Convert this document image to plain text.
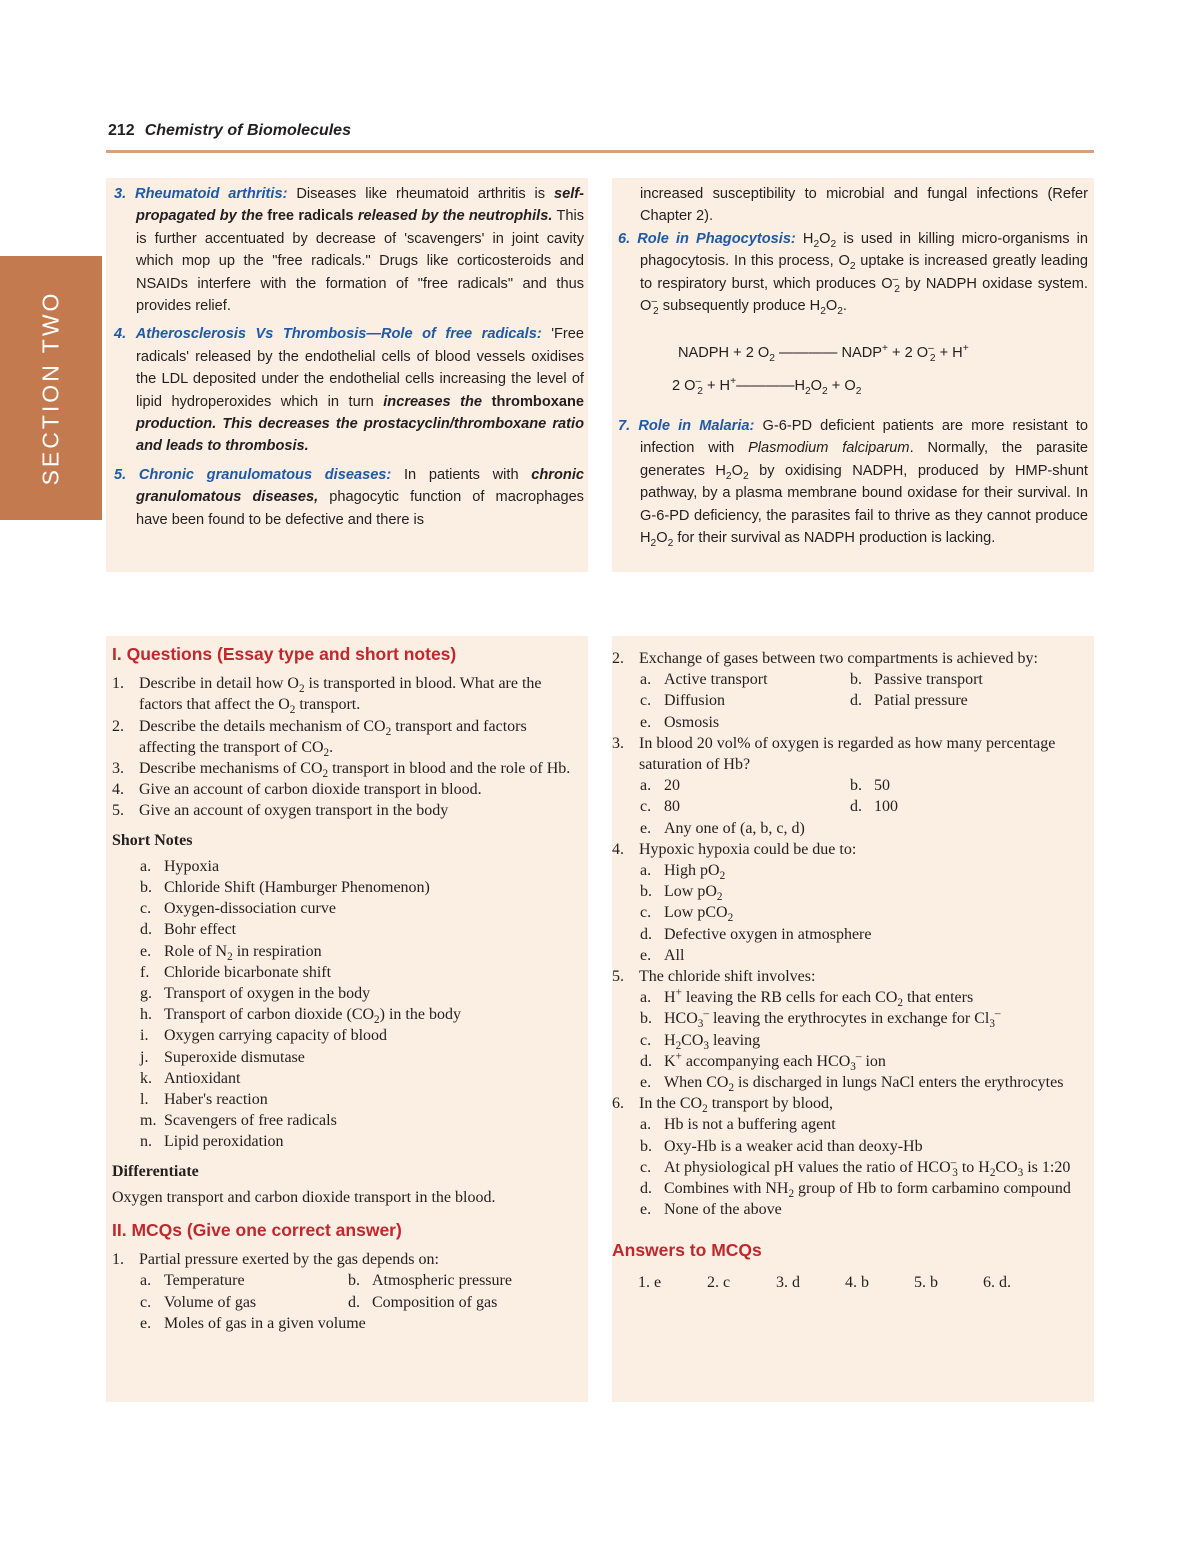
212 Chemistry of Biomolecules
SECTION TWO

3. Rheumatoid arthritis: Diseases like rheumatoid arthritis is self-propagated by the free radicals released by the neutrophils. This is further accentuated by decrease of 'scavengers' in joint cavity which mop up the "free radicals." Drugs like corticosteroids and NSAIDs interfere with the formation of "free radicals" and thus provides relief.

4. Atherosclerosis Vs Thrombosis—Role of free radicals: 'Free radicals' released by the endothelial cells of blood vessels oxidises the LDL deposited under the endothelial cells increasing the level of lipid hydroperoxides which in turn increases the thromboxane production. This decreases the prostacyclin/thromboxane ratio and leads to thrombosis.

5. Chronic granulomatous diseases: In patients with chronic granulomatous diseases, phagocytic function of macrophages have been found to be defective and there is

increased susceptibility to microbial and fungal infections (Refer Chapter 2).

6. Role in Phagocytosis: $H_2O_2$ is used in killing micro-organisms in phagocytosis. In this process, $O_2$ uptake is increased greatly leading to respiratory burst, which produces $O^-_2$ by NADPH oxidase system. $O^-_2$ subsequently produce $H_2O_2$.

NADPH + 2 $O_2$ ———— NADP+ + 2 $O^-_2 + H^+$
2 $O^-_2$ + $H^+————H_2O_2 + O_2$

7. Role in Malaria: G-6-PD deficient patients are more resistant to infection with Plasmodium falciparum. Normally, the parasite generates $H_2O_2$ by oxidising NADPH, produced by HMP-shunt pathway, by a plasma membrane bound oxidase for their survival. In G-6-PD deficiency, the parasites fail to thrive as they cannot produce $H_2O_2$ for their survival as NADPH production is lacking.

I. Questions (Essay type and short notes)

1. Describe in detail how $O_2$ is transported in blood. What are the factors that affect the $O_2$ transport.

2. Describe the details mechanism of $CO_2$ transport and factors affecting the transport of $CO_2$.

3. Describe mechanisms of $CO_2$ transport in blood and the role of Hb.

4. Give an account of carbon dioxide transport in blood.

5. Give an account of oxygen transport in the body

Short Notes

a. Hypoxia

b. Chloride Shift (Hamburger Phenomenon)

c. Oxygen-dissociation curve

d. Bohr effect

e. Role of $N_2$ in respiration

f. Chloride bicarbonate shift

g. Transport of oxygen in the body

h. Transport of carbon dioxide $(CO_2)$ in the body

i. Oxygen carrying capacity of blood

j. Superoxide dismutase

k. Antioxidant

l. Haber's reaction

m. Scavengers of free radicals

n. Lipid peroxidation

Differentiate

Oxygen transport and carbon dioxide transport in the blood.

II. MCQs (Give one correct answer)

1. Partial pressure exerted by the gas depends on:

a. Temperature	b. Atmospheric pressure
c. Volume of gas	d. Composition of gas

e. Moles of gas in a given volume

2. Exchange of gases between two compartments is achieved by:

a. Active transport	b. Passive transport
c. Diffusion	d. Patial pressure

e. Osmosis

3. In blood 20 vol% of oxygen is regarded as how many percentage saturation of Hb?

a. 20	b. 50
c. 80	d. 100

e. Any one of (a, b, c, d)

4. Hypoxic hypoxia could be due to:

a. High $pO_2$

b. Low $pO_2$

c. Low pCO$_2$

d. Defective oxygen in atmosphere

e. All

5. The chloride shift involves:

a. H+ leaving the RB cells for each $CO_2$ that enters

b. $HCO_3^-$ leaving the erythrocytes in exchange for $Cl_3^-$

c. $H_2CO_3$ leaving

d. K+ accompanying each $HCO_3^-$ ion

e. When $CO_2$ is discharged in lungs NaCl enters the erythrocytes

6. In the $CO_2$ transport by blood,

a. Hb is not a buffering agent

b. Oxy-Hb is a weaker acid than deoxy-Hb

c. At physiological pH values the ratio of $HCO^-_3$ to $H_2CO_3$ is 1:20

d. Combines with $NH_2$ group of Hb to form carbamino compound

e. None of the above

Answers to MCQs

1. e	2. c	3. d	4. b	5. b	6. d.
